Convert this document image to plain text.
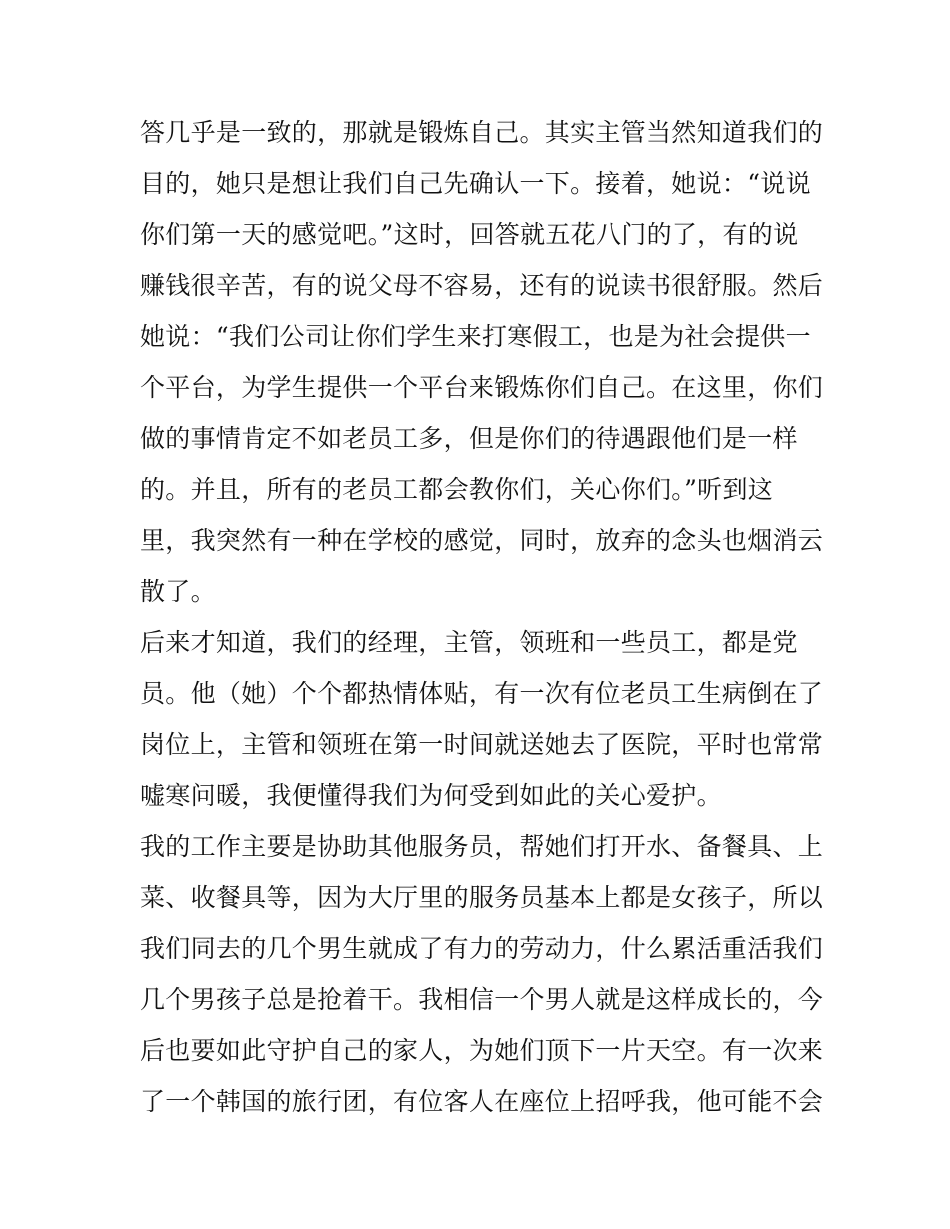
答几乎是一致的，那就是锻炼自己。其实主管当然知道我们的
目的，她只是想让我们自己先确认一下。接着，她说：“说说
你们第一天的感觉吧。”这时，回答就五花八门的了，有的说
赚钱很辛苦，有的说父母不容易，还有的说读书很舒服。然后
她说：“我们公司让你们学生来打寒假工，也是为社会提供一
个平台，为学生提供一个平台来锻炼你们自己。在这里，你们
做的事情肯定不如老员工多，但是你们的待遇跟他们是一样
的。并且，所有的老员工都会教你们，关心你们。”听到这
里，我突然有一种在学校的感觉，同时，放弃的念头也烟消云
散了。
后来才知道，我们的经理，主管，领班和一些员工，都是党
员。他（她）个个都热情体贴，有一次有位老员工生病倒在了
岗位上，主管和领班在第一时间就送她去了医院，平时也常常
嘘寒问暖，我便懂得我们为何受到如此的关心爱护。
我的工作主要是协助其他服务员，帮她们打开水、备餐具、上
菜、收餐具等，因为大厅里的服务员基本上都是女孩子，所以
我们同去的几个男生就成了有力的劳动力，什么累活重活我们
几个男孩子总是抢着干。我相信一个男人就是这样成长的，今
后也要如此守护自己的家人，为她们顶下一片天空。有一次来
了一个韩国的旅行团，有位客人在座位上招呼我，他可能不会
